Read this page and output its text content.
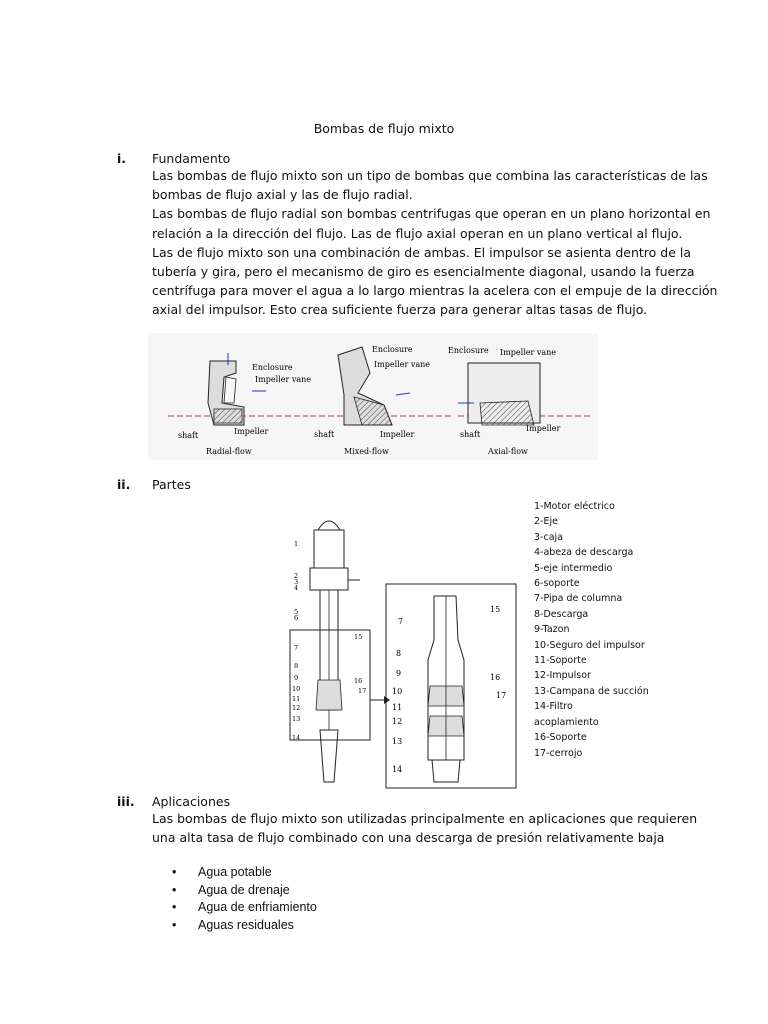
Bombas de flujo mixto
i. Fundamento
Las bombas de flujo mixto son un tipo de bombas que combina las características de las
bombas de flujo axial y las de flujo radial.
Las bombas de flujo radial son bombas centrifugas que operan en un plano horizontal en
relación a la dirección del flujo. Las de flujo axial operan en un plano vertical al flujo.
Las de flujo mixto son una combinación de ambas. El impulsor se asienta dentro de la
tubería y gira, pero el mecanismo de giro es esencialmente diagonal, usando la fuerza
centrífuga para mover el agua a lo largo mientras la acelera con el empuje de la dirección
axial del impulsor. Esto crea suficiente fuerza para generar altas tasas de flujo.
Enclosure
Impeller vane
Impeller
shaft
Radial-flow
Enclosure
Impeller vane
Impeller
shaft
Mixed-flow
Enclosure Impeller vane
Impeller
shaft
Axial-flow
ii. Partes
1
2
3
4
5
6
7
8
9
10
11
12
13
14
15
16
17
7
8
9
10
11
12
13
14
15
16
17
1-Motor eléctrico
2-Eje
3-caja
4-abeza de descarga
5-eje intermedio
6-soporte
7-Pipa de columna
8-Descarga
9-Tazon
10-Seguro del impulsor
11-Soporte
12-Impulsor
13-Campana de succión
14-Filtro
acoplamiento
16-Soporte
17-cerrojo
iii. Aplicaciones
Las bombas de flujo mixto son utilizadas principalmente en aplicaciones que requieren
una alta tasa de flujo combinado con una descarga de presión relativamente baja
• Agua potable
• Agua de drenaje
• Agua de enfriamiento
• Aguas residuales
